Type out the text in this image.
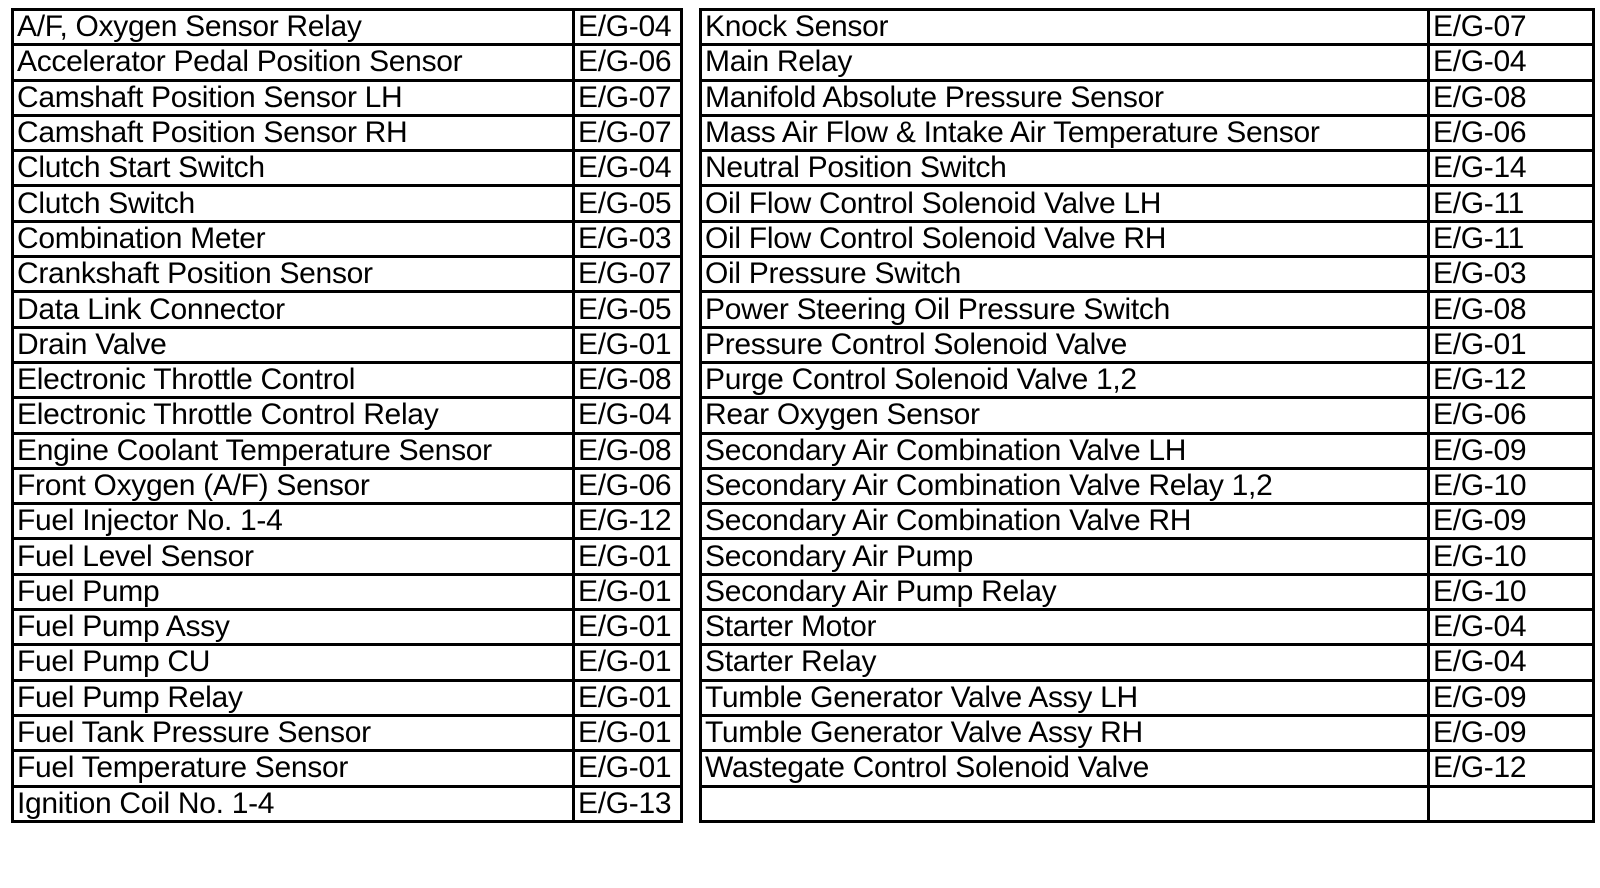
A/F, Oxygen Sensor Relay	E/G-04
Accelerator Pedal Position Sensor	E/G-06
Camshaft Position Sensor LH	E/G-07
Camshaft Position Sensor RH	E/G-07
Clutch Start Switch	E/G-04
Clutch Switch	E/G-05
Combination Meter	E/G-03
Crankshaft Position Sensor	E/G-07
Data Link Connector	E/G-05
Drain Valve	E/G-01
Electronic Throttle Control	E/G-08
Electronic Throttle Control Relay	E/G-04
Engine Coolant Temperature Sensor	E/G-08
Front Oxygen (A/F) Sensor	E/G-06
Fuel Injector No. 1-4	E/G-12
Fuel Level Sensor	E/G-01
Fuel Pump	E/G-01
Fuel Pump Assy	E/G-01
Fuel Pump CU	E/G-01
Fuel Pump Relay	E/G-01
Fuel Tank Pressure Sensor	E/G-01
Fuel Temperature Sensor	E/G-01
Ignition Coil No. 1-4	E/G-13
Knock Sensor	E/G-07
Main Relay	E/G-04
Manifold Absolute Pressure Sensor	E/G-08
Mass Air Flow & Intake Air Temperature Sensor	E/G-06
Neutral Position Switch	E/G-14
Oil Flow Control Solenoid Valve LH	E/G-11
Oil Flow Control Solenoid Valve RH	E/G-11
Oil Pressure Switch	E/G-03
Power Steering Oil Pressure Switch	E/G-08
Pressure Control Solenoid Valve	E/G-01
Purge Control Solenoid Valve 1,2	E/G-12
Rear Oxygen Sensor	E/G-06
Secondary Air Combination Valve LH	E/G-09
Secondary Air Combination Valve Relay 1,2	E/G-10
Secondary Air Combination Valve RH	E/G-09
Secondary Air Pump	E/G-10
Secondary Air Pump Relay	E/G-10
Starter Motor	E/G-04
Starter Relay	E/G-04
Tumble Generator Valve Assy LH	E/G-09
Tumble Generator Valve Assy RH	E/G-09
Wastegate Control Solenoid Valve	E/G-12
